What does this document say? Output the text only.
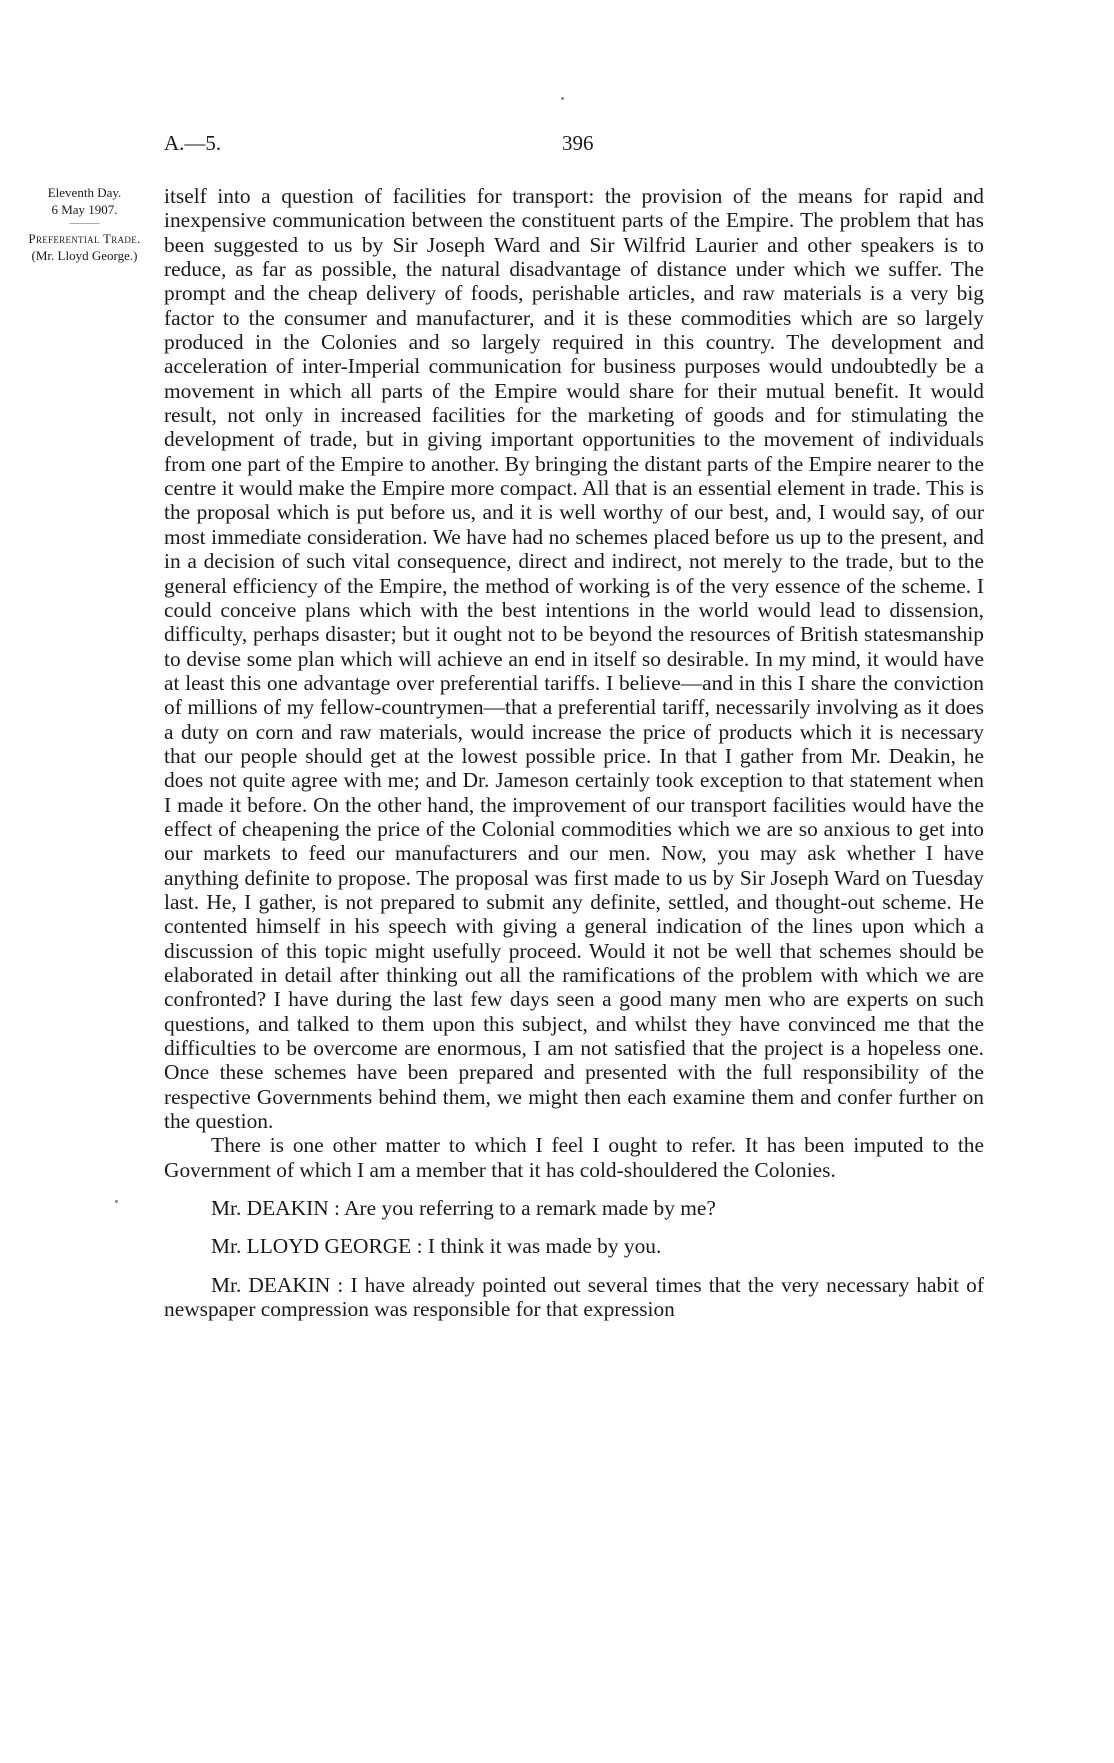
A.—5.	396
Eleventh Day.
6 May 1907.
———
Preferential Trade.
(Mr. Lloyd George.)

itself into a question of facilities for transport: the provision of the means for rapid and inexpensive communication between the constituent parts of the Empire. The problem that has been suggested to us by Sir Joseph Ward and Sir Wilfrid Laurier and other speakers is to reduce, as far as possible, the natural disadvantage of distance under which we suffer. The prompt and the cheap delivery of foods, perishable articles, and raw materials is a very big factor to the consumer and manufacturer, and it is these commodities which are so largely produced in the Colonies and so largely required in this country. The development and acceleration of inter-Imperial communication for business purposes would undoubtedly be a movement in which all parts of the Empire would share for their mutual benefit. It would result, not only in increased facilities for the marketing of goods and for stimulating the development of trade, but in giving important opportunities to the movement of individuals from one part of the Empire to another. By bringing the distant parts of the Empire nearer to the centre it would make the Empire more compact. All that is an essential element in trade. This is the proposal which is put before us, and it is well worthy of our best, and, I would say, of our most immediate consideration. We have had no schemes placed before us up to the present, and in a decision of such vital consequence, direct and indirect, not merely to the trade, but to the general efficiency of the Empire, the method of working is of the very essence of the scheme. I could conceive plans which with the best intentions in the world would lead to dissension, difficulty, perhaps disaster; but it ought not to be beyond the resources of British statesmanship to devise some plan which will achieve an end in itself so desirable. In my mind, it would have at least this one advantage over preferential tariffs. I believe—and in this I share the conviction of millions of my fellow-countrymen—that a preferential tariff, necessarily involving as it does a duty on corn and raw materials, would increase the price of products which it is necessary that our people should get at the lowest possible price. In that I gather from Mr. Deakin, he does not quite agree with me; and Dr. Jameson certainly took exception to that statement when I made it before. On the other hand, the improvement of our transport facilities would have the effect of cheapening the price of the Colonial commodities which we are so anxious to get into our markets to feed our manufacturers and our men. Now, you may ask whether I have anything definite to propose. The proposal was first made to us by Sir Joseph Ward on Tuesday last. He, I gather, is not prepared to submit any definite, settled, and thought-out scheme. He contented himself in his speech with giving a general indication of the lines upon which a discussion of this topic might usefully proceed. Would it not be well that schemes should be elaborated in detail after thinking out all the ramifications of the problem with which we are confronted? I have during the last few days seen a good many men who are experts on such questions, and talked to them upon this subject, and whilst they have convinced me that the difficulties to be overcome are enormous, I am not satisfied that the project is a hopeless one. Once these schemes have been prepared and presented with the full responsibility of the respective Governments behind them, we might then each examine them and confer further on the question.

There is one other matter to which I feel I ought to refer. It has been imputed to the Government of which I am a member that it has cold-shouldered the Colonies.

Mr. DEAKIN : Are you referring to a remark made by me?

Mr. LLOYD GEORGE : I think it was made by you.

Mr. DEAKIN : I have already pointed out several times that the very necessary habit of newspaper compression was responsible for that expression
